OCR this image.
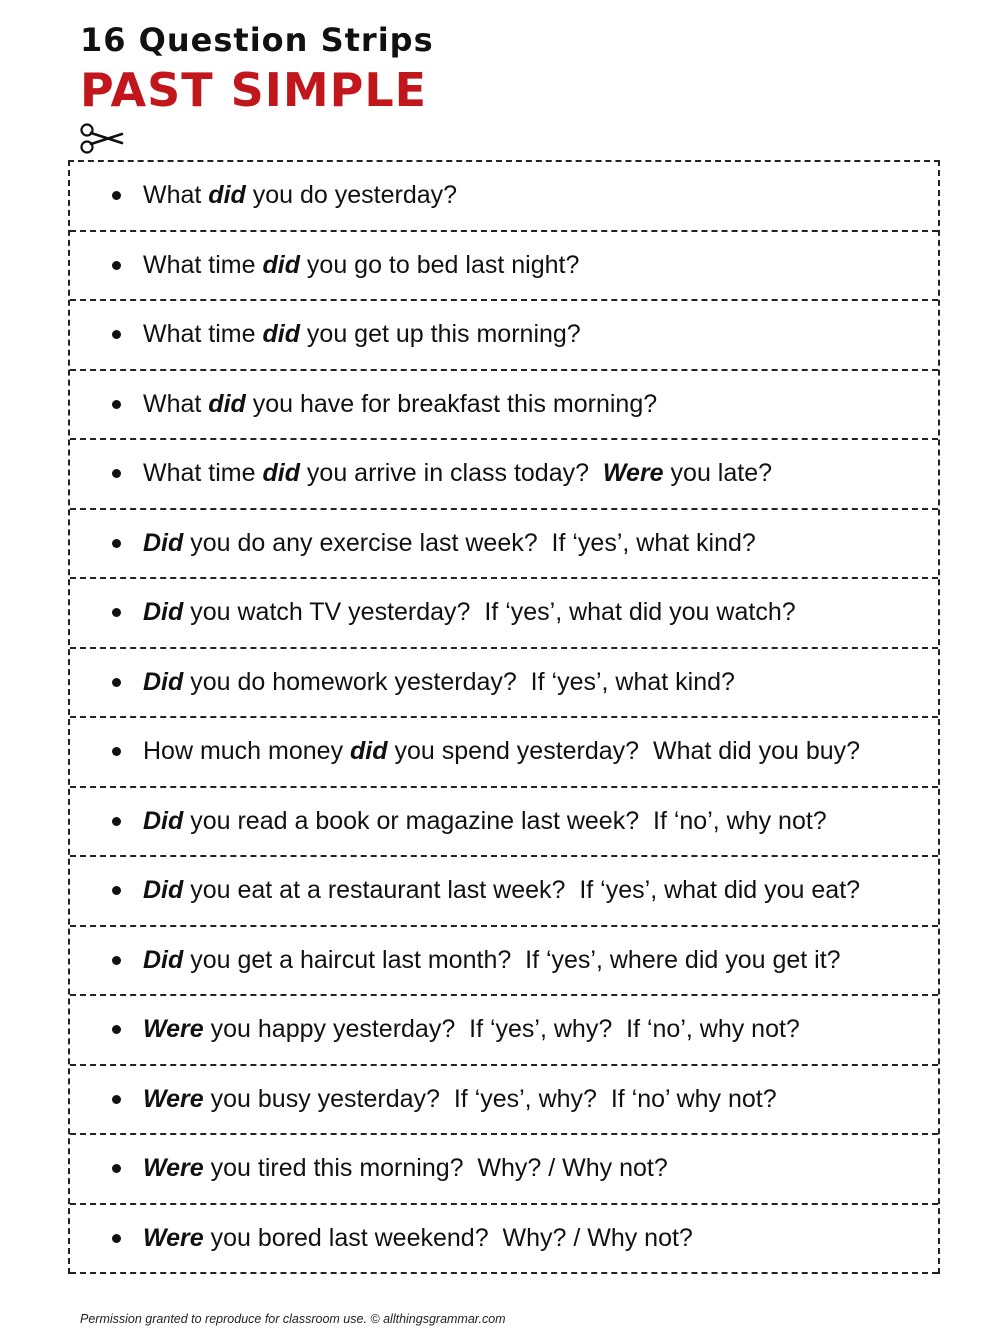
16 Question Strips
PAST SIMPLE
What did you do yesterday?
What time did you go to bed last night?
What time did you get up this morning?
What did you have for breakfast this morning?
What time did you arrive in class today?  Were you late?
Did you do any exercise last week?  If ‘yes’, what kind?
Did you watch TV yesterday?  If ‘yes’, what did you watch?
Did you do homework yesterday?  If ‘yes’, what kind?
How much money did you spend yesterday?  What did you buy?
Did you read a book or magazine last week?  If ‘no’, why not?
Did you eat at a restaurant last week?  If ‘yes’, what did you eat?
Did you get a haircut last month?  If ‘yes’, where did you get it?
Were you happy yesterday?  If ‘yes’, why?  If ‘no’, why not?
Were you busy yesterday?  If ‘yes’, why?  If ‘no’ why not?
Were you tired this morning?  Why? / Why not?
Were you bored last weekend?  Why? / Why not?

Permission granted to reproduce for classroom use. © allthingsgrammar.com
